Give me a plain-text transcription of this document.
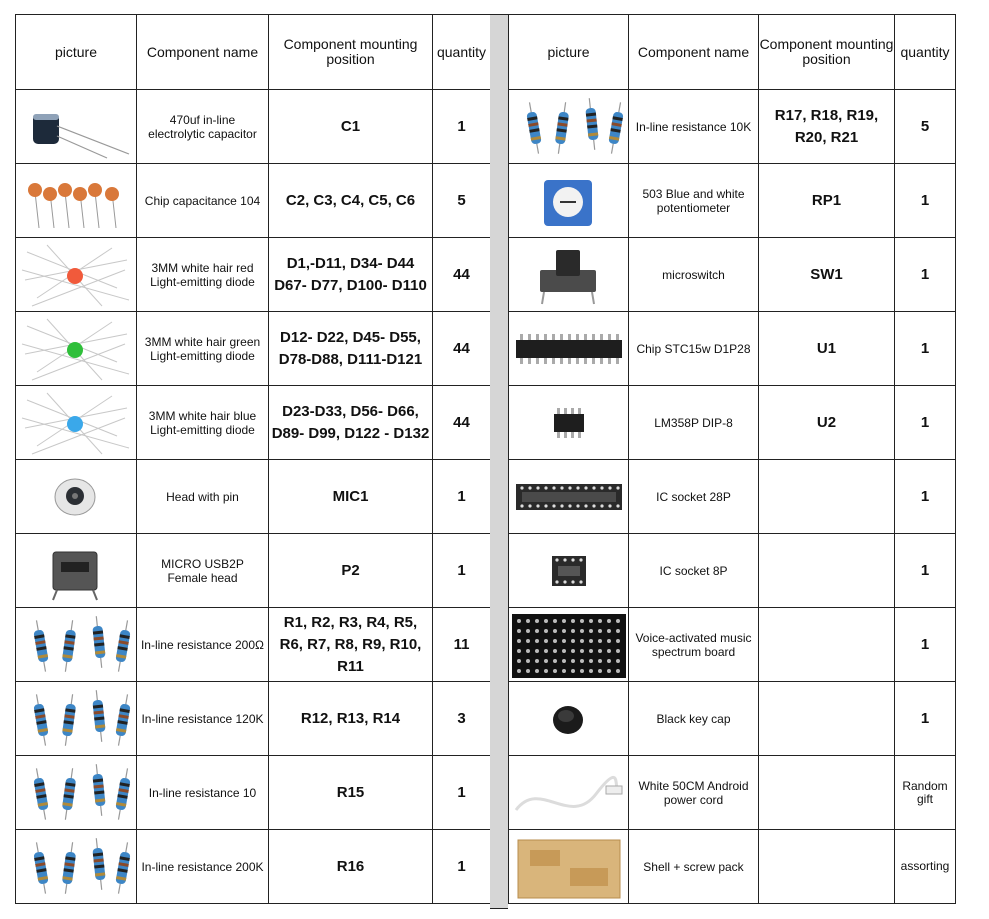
picture	Component name	Component mounting position	quantity

	470uf in-line electrolytic capacitor	C1	1

	Chip capacitance 104	C2, C3, C4, C5, C6	5

	3MM white hair red Light-emitting diode	D1,-D11, D34- D44 D67- D77, D100- D110	44

	3MM white hair green Light-emitting diode	D12- D22, D45- D55, D78-D88, D111-D121	44

	3MM white hair blue Light-emitting diode	D23-D33, D56- D66, D89- D99, D122 - D132	44

	Head with pin	MIC1	1

	MICRO USB2P Female head	P2	1

	In-line resistance 200Ω	R1, R2, R3, R4, R5, R6, R7, R8, R9, R10, R11	11

	In-line resistance 120K	R12, R13, R14	3

	In-line resistance 10	R15	1

	In-line resistance 200K	R16	1
picture	Component name	Component mounting position	quantity

	In-line resistance 10K	R17, R18, R19, R20, R21	5

	503 Blue and white potentiometer	RP1	1

	microswitch	SW1	1

	Chip STC15w D1P28	U1	1

	LM358P DIP-8	U2	1

	IC socket 28P		1

	IC socket 8P		1

	Voice-activated music spectrum board		1

	Black key cap		1

	White 50CM Android power cord		Random gift

	Shell + screw pack		assorting
